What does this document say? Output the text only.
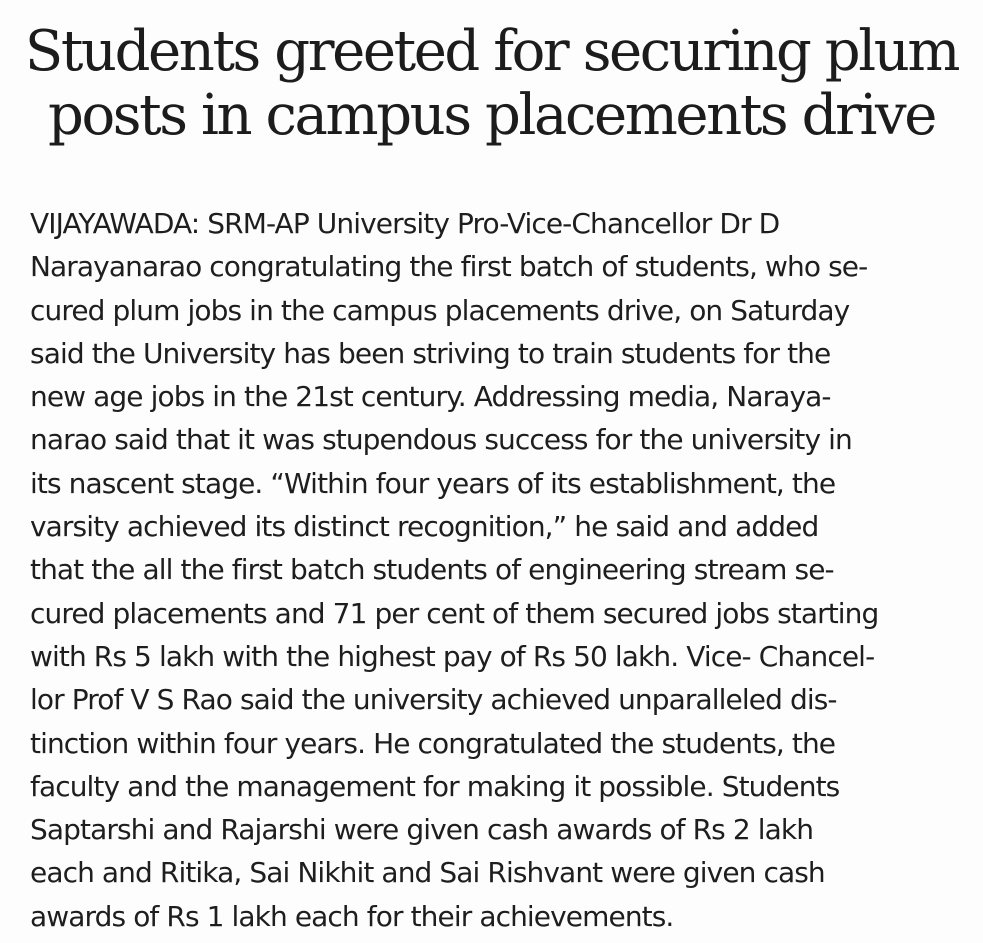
Students greeted for securing plum
posts in campus placements drive

VIJAYAWADA: SRM-AP University Pro-Vice-Chancellor Dr D
Narayanarao congratulating the first batch of students, who se-
cured plum jobs in the campus placements drive, on Saturday
said the University has been striving to train students for the
new age jobs in the 21st century. Addressing media, Naraya-
narao said that it was stupendous success for the university in
its nascent stage. “Within four years of its establishment, the
varsity achieved its distinct recognition,” he said and added
that the all the first batch students of engineering stream se-
cured placements and 71 per cent of them secured jobs starting
with Rs 5 lakh with the highest pay of Rs 50 lakh. Vice- Chancel-
lor Prof V S Rao said the university achieved unparalleled dis-
tinction within four years. He congratulated the students, the
faculty and the management for making it possible. Students
Saptarshi and Rajarshi were given cash awards of Rs 2 lakh
each and Ritika, Sai Nikhit and Sai Rishvant were given cash
awards of Rs 1 lakh each for their achievements.
